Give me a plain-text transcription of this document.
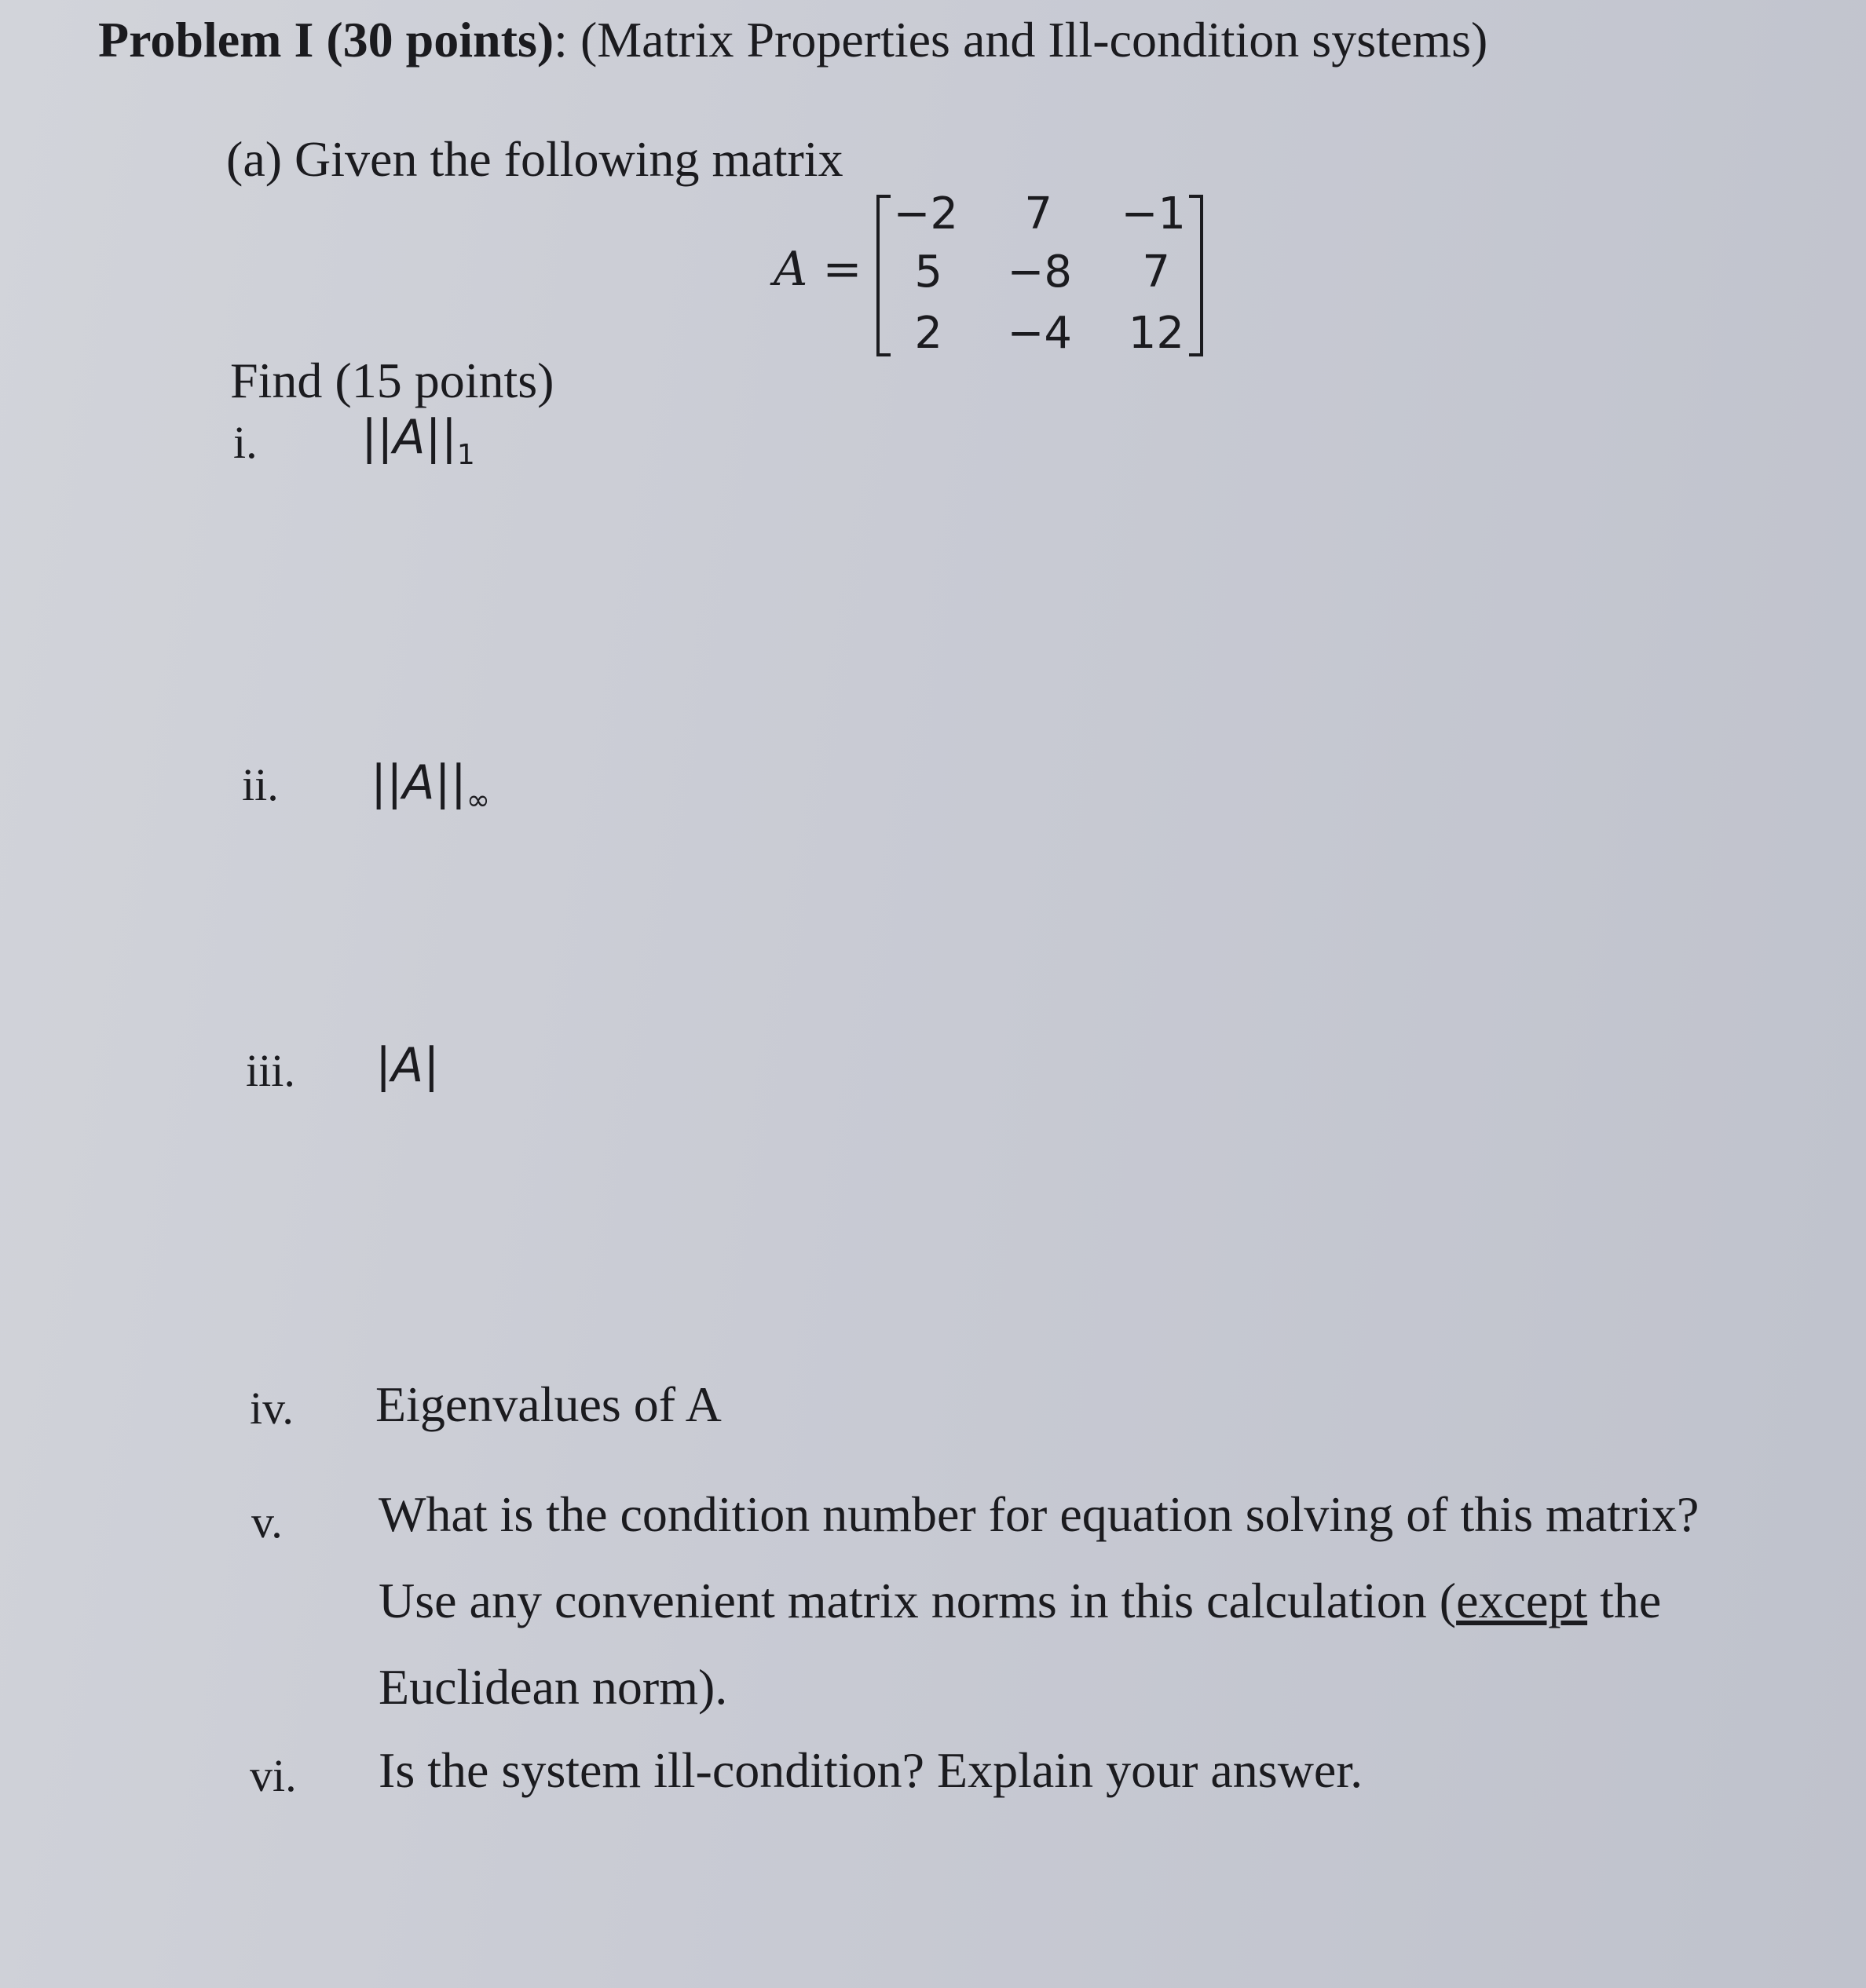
Problem I (30 points): (Matrix Properties and Ill-condition systems)
(a) Given the following matrix
A =
−2	7	−1
5	−8	7
2	−4	12
Find (15 points)
i. $||A||_1$
ii. $||A||_\infty$
iii. |A|
iv. Eigenvalues of A
v. What is the condition number for equation solving of this matrix?
Use any convenient matrix norms in this calculation (except the
Euclidean norm).
vi. Is the system ill-condition? Explain your answer.
